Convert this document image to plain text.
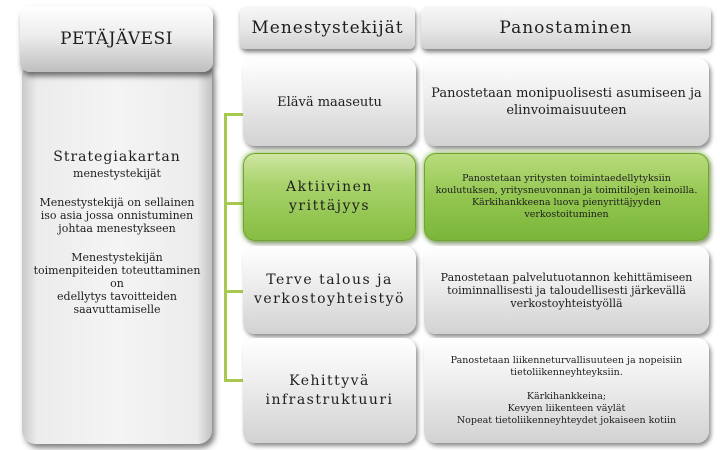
Strategiakartan
menestystekijät
Menestystekijä on sellainen iso asia jossa onnistuminen johtaa menestykseen
Menestystekijän
toimenpiteiden toteuttaminen
on
edellytys tavoitteiden
saavuttamiselle
PETÄJÄVESI
Menestystekijät	Panostaminen
Elävä maaseutu
Panostetaan monipuolisesti asumiseen ja
elinvoimaisuuteen
Aktiivinen yrittäjyys
Panostetaan yritysten toimintaedellytyksiin
koulutuksen, yritysneuvonnan ja toimitilojen keinoilla.
Kärkihankkeena luova pienyrittäjyyden
verkostoituminen
Terve talous ja verkostoyhteistyö
Panostetaan palvelutuotannon kehittämiseen
toiminnallisesti ja taloudellisesti järkevällä
verkostoyhteistyöllä
Kehittyvä infrastruktuuri
Panostetaan liikenneturvallisuuteen ja nopeisiin
tietoliikenneyhteyksiin.
Kärkihankkeina;
Kevyen liikenteen väylät
Nopeat tietoliikenneyhteydet jokaiseen kotiin
